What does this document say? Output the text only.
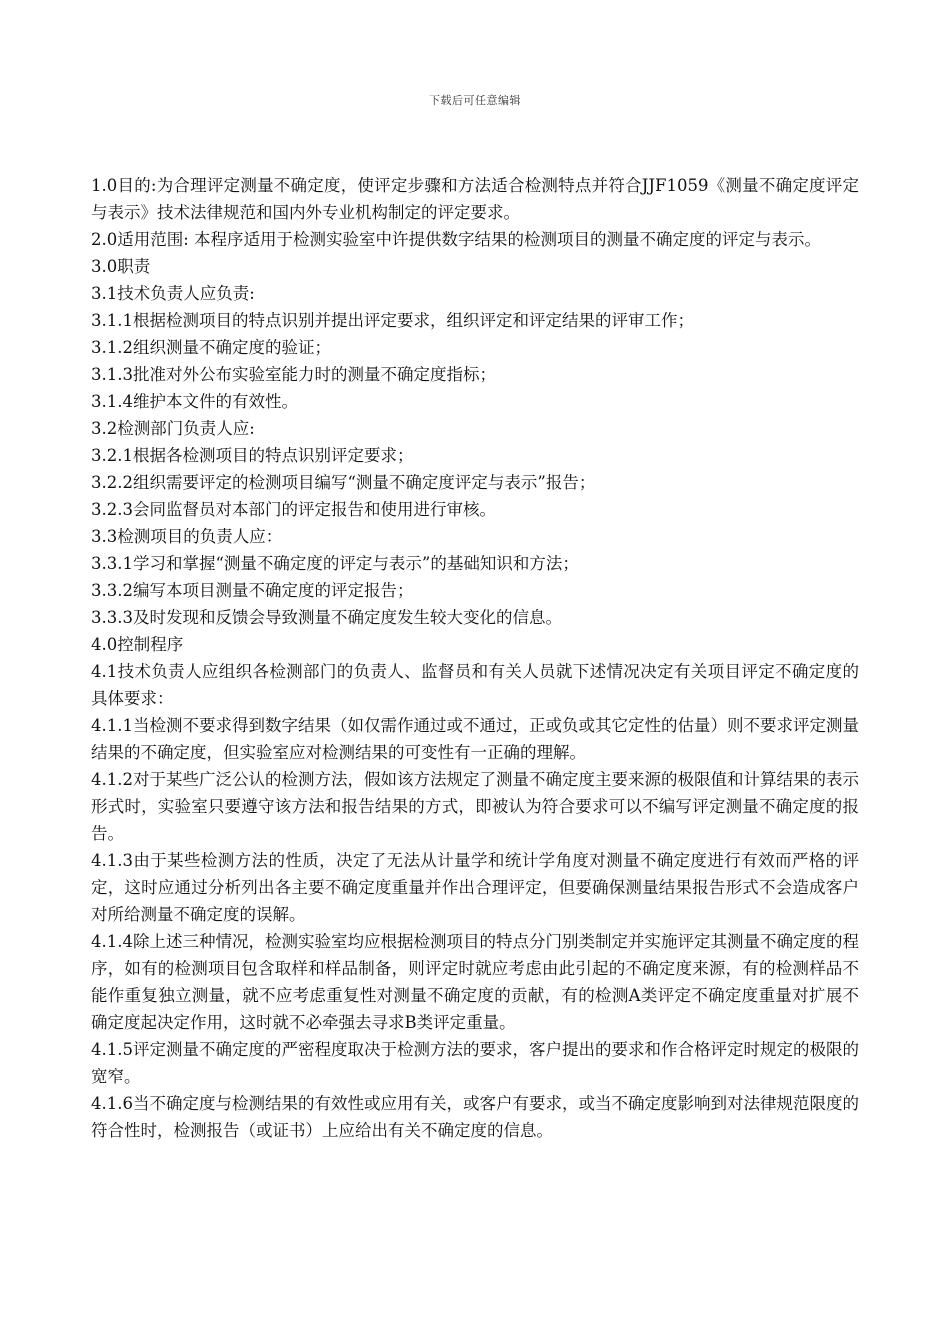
下载后可任意编辑

1.0目的:为合理评定测量不确定度，使评定步骤和方法适合检测特点并符合JJF1059《测量不确定度评定与表示》技术法律规范和国内外专业机构制定的评定要求。

2.0适用范围: 本程序适用于检测实验室中许提供数字结果的检测项目的测量不确定度的评定与表示。

3.0职责

3.1技术负责人应负责:

3.1.1根据检测项目的特点识别并提出评定要求，组织评定和评定结果的评审工作；

3.1.2组织测量不确定度的验证；

3.1.3批准对外公布实验室能力时的测量不确定度指标；

3.1.4维护本文件的有效性。

3.2检测部门负责人应:

3.2.1根据各检测项目的特点识别评定要求；

3.2.2组织需要评定的检测项目编写“测量不确定度评定与表示”报告；

3.2.3会同监督员对本部门的评定报告和使用进行审核。

3.3检测项目的负责人应：

3.3.1学习和掌握“测量不确定度的评定与表示”的基础知识和方法；

3.3.2编写本项目测量不确定度的评定报告；

3.3.3及时发现和反馈会导致测量不确定度发生较大变化的信息。

4.0控制程序

4.1技术负责人应组织各检测部门的负责人、监督员和有关人员就下述情况决定有关项目评定不确定度的具体要求：

4.1.1当检测不要求得到数字结果（如仅需作通过或不通过，正或负或其它定性的估量）则不要求评定测量结果的不确定度，但实验室应对检测结果的可变性有一正确的理解。

4.1.2对于某些广泛公认的检测方法，假如该方法规定了测量不确定度主要来源的极限值和计算结果的表示形式时，实验室只要遵守该方法和报告结果的方式，即被认为符合要求可以不编写评定测量不确定度的报告。

4.1.3由于某些检测方法的性质，决定了无法从计量学和统计学角度对测量不确定度进行有效而严格的评定，这时应通过分析列出各主要不确定度重量并作出合理评定，但要确保测量结果报告形式不会造成客户对所给测量不确定度的误解。

4.1.4除上述三种情况，检测实验室均应根据检测项目的特点分门别类制定并实施评定其测量不确定度的程序，如有的检测项目包含取样和样品制备，则评定时就应考虑由此引起的不确定度来源，有的检测样品不能作重复独立测量，就不应考虑重复性对测量不确定度的贡献，有的检测A类评定不确定度重量对扩展不确定度起决定作用，这时就不必牵强去寻求B类评定重量。

4.1.5评定测量不确定度的严密程度取决于检测方法的要求，客户提出的要求和作合格评定时规定的极限的宽窄。

4.1.6当不确定度与检测结果的有效性或应用有关，或客户有要求，或当不确定度影响到对法律规范限度的符合性时，检测报告（或证书）上应给出有关不确定度的信息。
